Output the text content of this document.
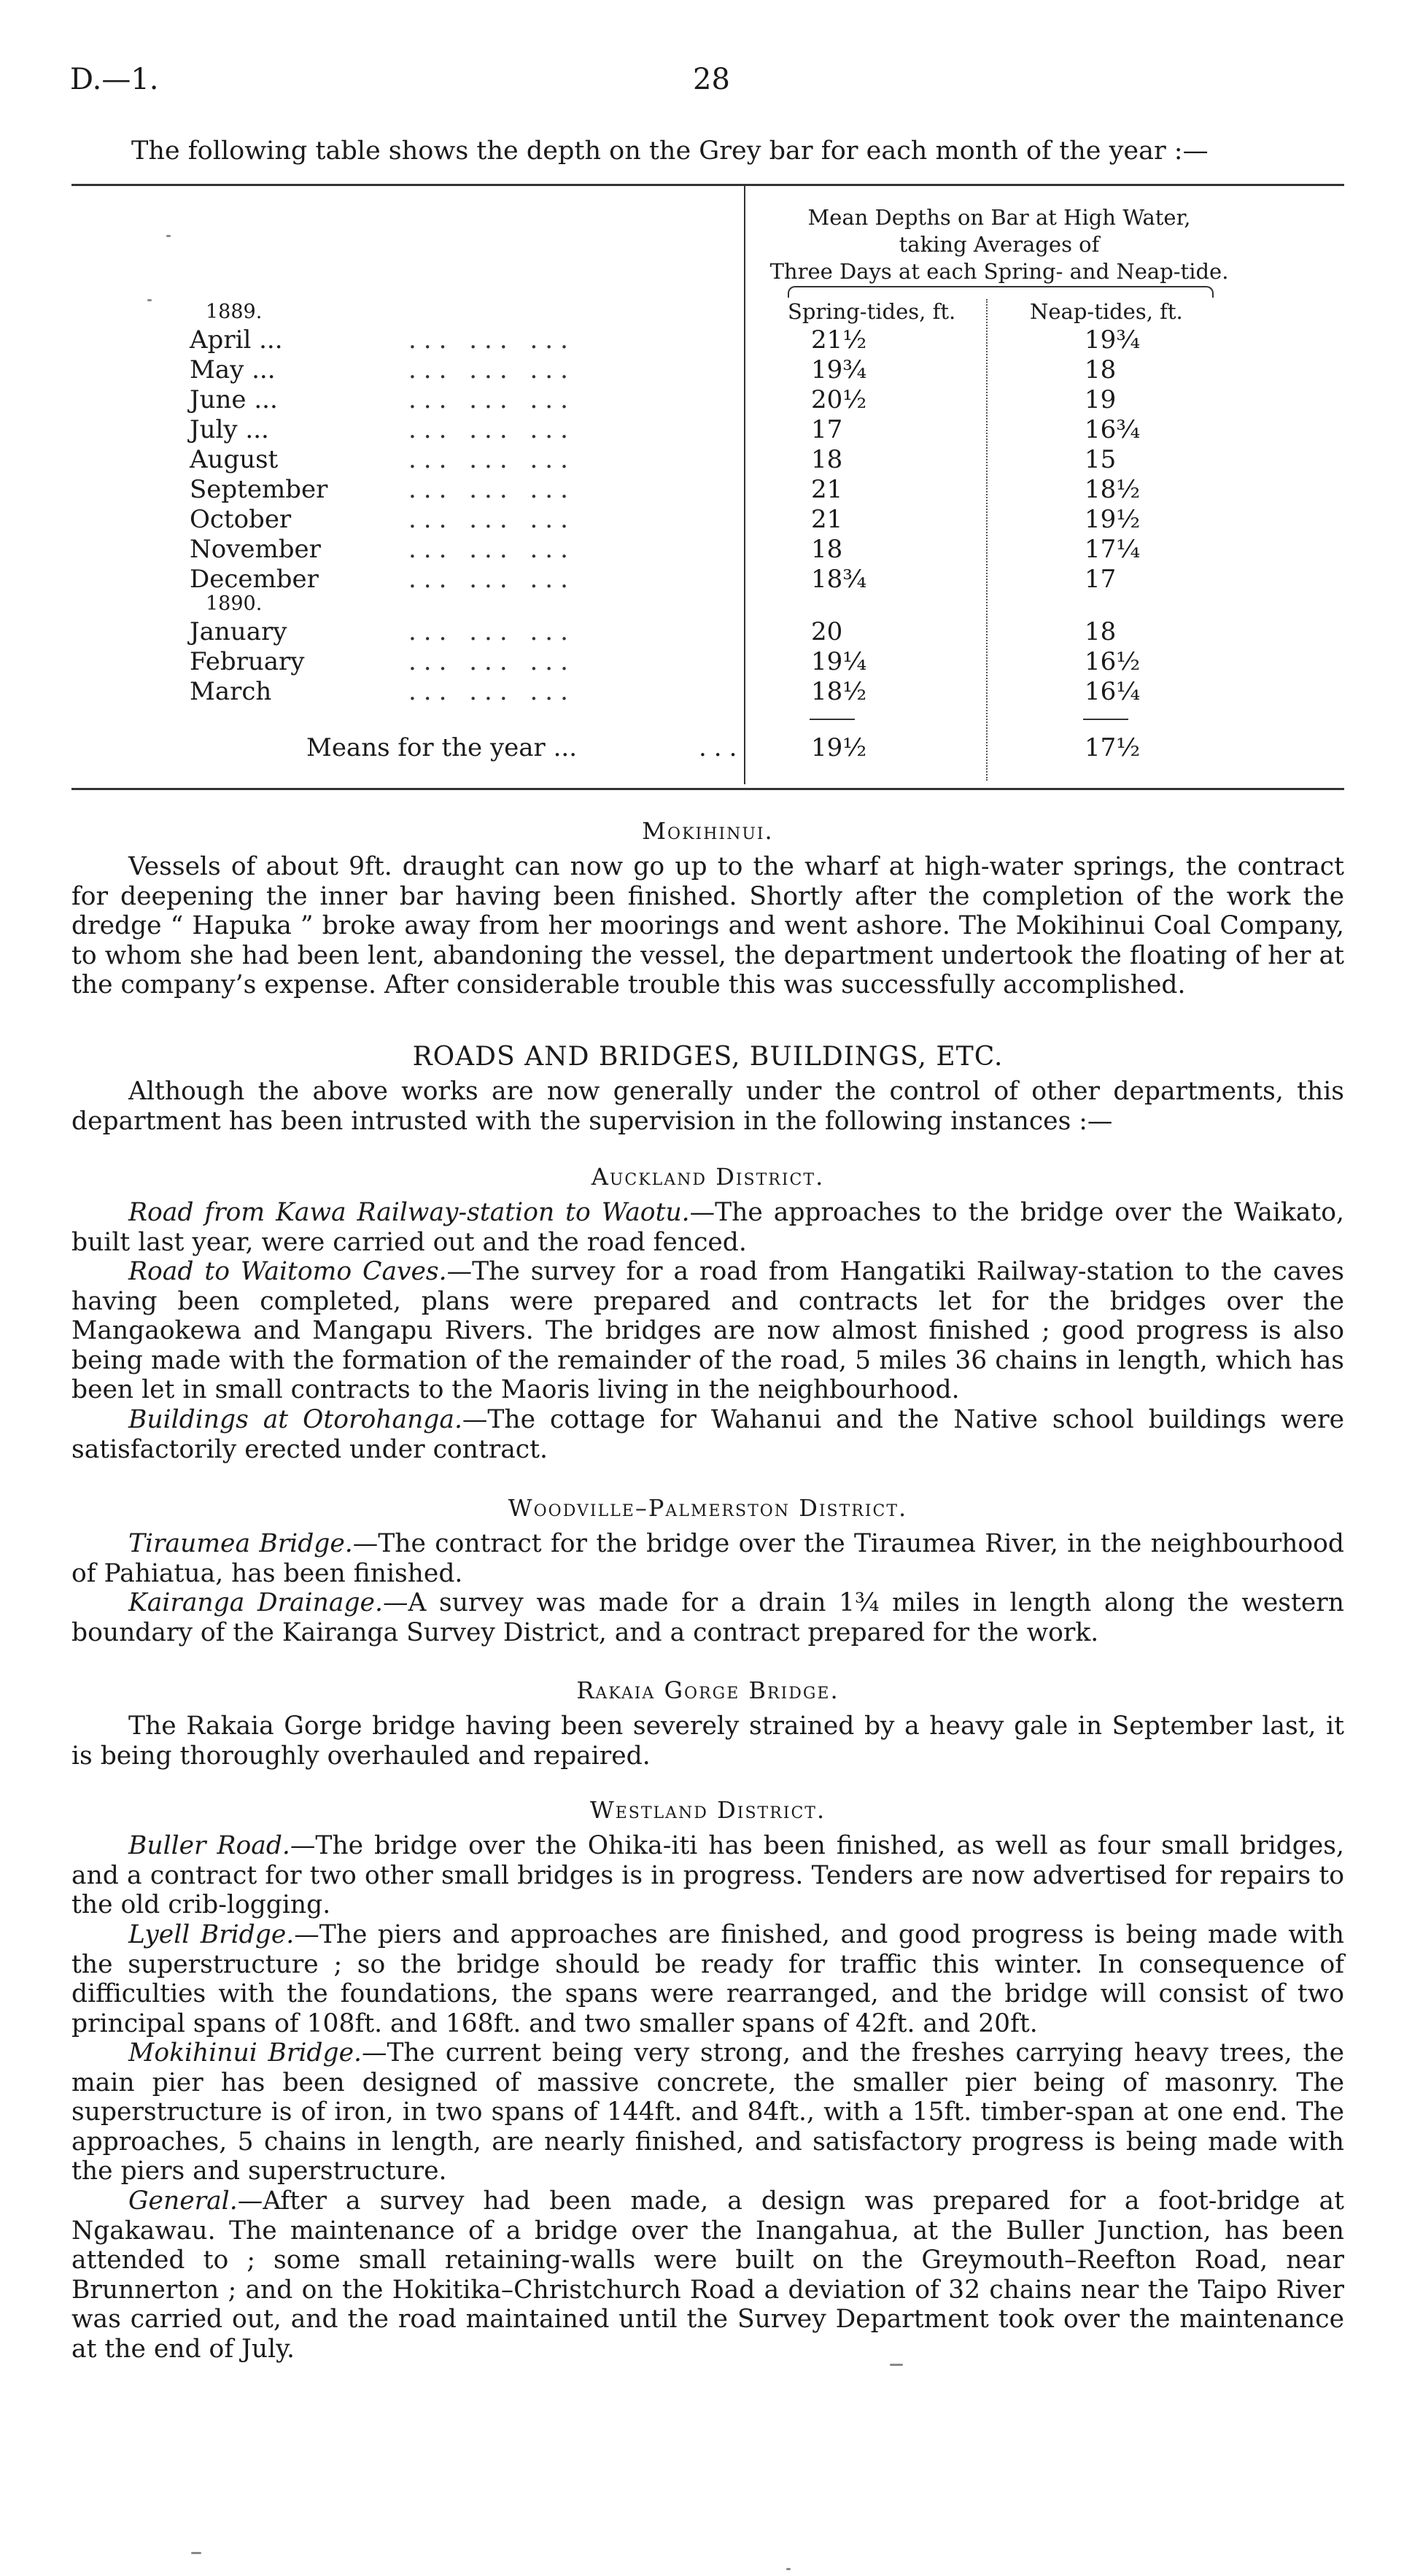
D.—1.	28
The following table shows the depth on the Grey bar for each month of the year :—
Mean Depths on Bar at High Water,
taking Averages of
Three Days at each Spring- and Neap-tide.
Spring-tides, ft.	Neap-tides, ft.
1889.
April ...	... ... ...	21½	19¾
May ...	... ... ...	19¾	18
June ...	... ... ...	20½	19
July ...	... ... ...	17	16¾
August	... ... ...	18	15
September	... ... ...	21	18½
October	... ... ...	21	19½
November	... ... ...	18	17¼
December	... ... ...	18¾	17
1890.
January	... ... ...	20	18
February	... ... ...	19¼	16½
March	... ... ...	18½	16¼
Means for the year ...	...	19½	17½
Mokihinui.

Vessels of about 9ft. draught can now go up to the wharf at high-water springs, the contract for deepening the inner bar having been finished. Shortly after the completion of the work the dredge “ Hapuka ” broke away from her moorings and went ashore. The Mokihinui Coal Company, to whom she had been lent, abandoning the vessel, the department undertook the floating of her at the company’s expense. After considerable trouble this was successfully accomplished.

ROADS AND BRIDGES, BUILDINGS, ETC.

Although the above works are now generally under the control of other departments, this department has been intrusted with the supervision in the following instances :—

Auckland District.

Road from Kawa Railway-station to Waotu.—The approaches to the bridge over the Waikato, built last year, were carried out and the road fenced.

Road to Waitomo Caves.—The survey for a road from Hangatiki Railway-station to the caves having been completed, plans were prepared and contracts let for the bridges over the Mangaokewa and Mangapu Rivers. The bridges are now almost finished ; good progress is also being made with the formation of the remainder of the road, 5 miles 36 chains in length, which has been let in small contracts to the Maoris living in the neighbourhood.

Buildings at Otorohanga.—The cottage for Wahanui and the Native school buildings were satisfactorily erected under contract.

Woodville–Palmerston District.

Tiraumea Bridge.—The contract for the bridge over the Tiraumea River, in the neighbourhood of Pahiatua, has been finished.

Kairanga Drainage.—A survey was made for a drain 1¾ miles in length along the western boundary of the Kairanga Survey District, and a contract prepared for the work.

Rakaia Gorge Bridge.

The Rakaia Gorge bridge having been severely strained by a heavy gale in September last, it is being thoroughly overhauled and repaired.

Westland District.

Buller Road.—The bridge over the Ohika-iti has been finished, as well as four small bridges, and a contract for two other small bridges is in progress. Tenders are now advertised for repairs to the old crib-logging.

Lyell Bridge.—The piers and approaches are finished, and good progress is being made with the superstructure ; so the bridge should be ready for traffic this winter. In consequence of difficulties with the foundations, the spans were rearranged, and the bridge will consist of two principal spans of 108ft. and 168ft. and two smaller spans of 42ft. and 20ft.

Mokihinui Bridge.—The current being very strong, and the freshes carrying heavy trees, the main pier has been designed of massive concrete, the smaller pier being of masonry. The superstructure is of iron, in two spans of 144ft. and 84ft., with a 15ft. timber-span at one end. The approaches, 5 chains in length, are nearly finished, and satisfactory progress is being made with the piers and superstructure.

General.—After a survey had been made, a design was prepared for a foot-bridge at Ngakawau. The maintenance of a bridge over the Inangahua, at the Buller Junction, has been attended to ; some small retaining-walls were built on the Greymouth–Reefton Road, near Brunnerton ; and on the Hokitika–Christchurch Road a deviation of 32 chains near the Taipo River was carried out, and the road maintained until the Survey Department took over the maintenance at the end of July.
